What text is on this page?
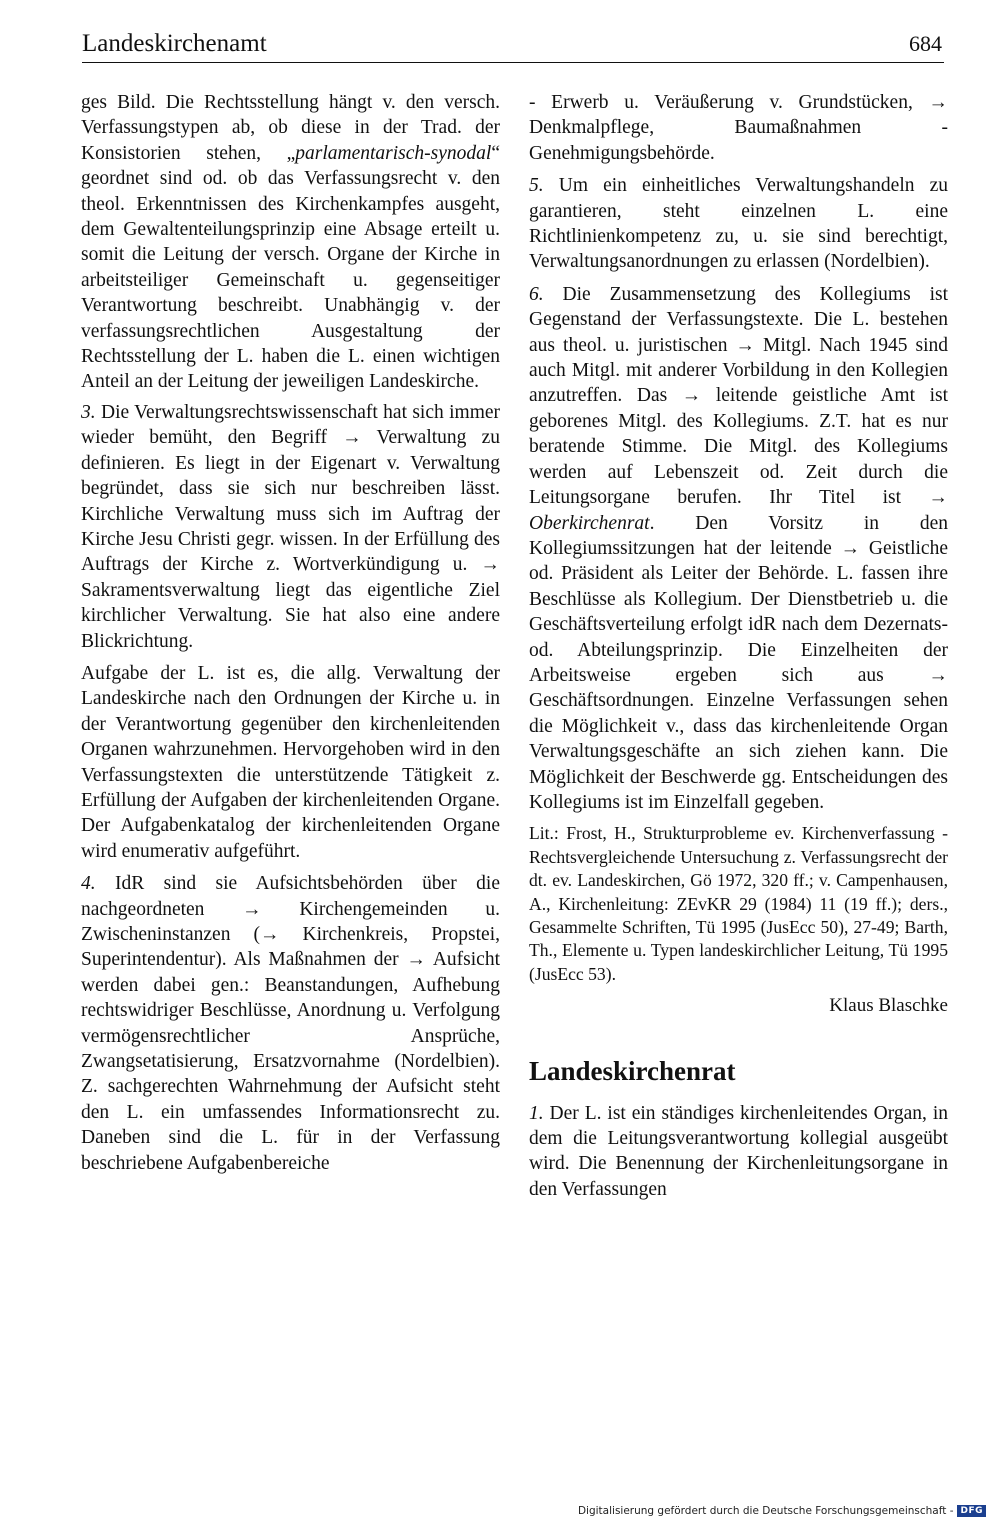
Landeskirchenamt	684

ges Bild. Die Rechtsstellung hängt v. den versch. Verfassungstypen ab, ob diese in der Trad. der Konsistorien stehen, „parlamentarisch-synodal“ geordnet sind od. ob das Verfassungsrecht v. den theol. Erkenntnissen des Kirchenkampfes ausgeht, dem Gewaltenteilungsprinzip eine Absage erteilt u. somit die Leitung der versch. Organe der Kirche in arbeitsteiliger Gemeinschaft u. gegenseitiger Verantwortung beschreibt. Unabhängig v. der verfassungsrechtlichen Ausgestaltung der Rechtsstellung der L. haben die L. einen wichtigen Anteil an der Leitung der jeweiligen Landeskirche.

3. Die Verwaltungsrechtswissenschaft hat sich immer wieder bemüht, den Begriff → Verwaltung zu definieren. Es liegt in der Eigenart v. Verwaltung begründet, dass sie sich nur beschreiben lässt. Kirchliche Verwaltung muss sich im Auftrag der Kirche Jesu Christi gegr. wissen. In der Erfüllung des Auftrags der Kirche z. Wortverkündigung u. → Sakramentsverwaltung liegt das eigentliche Ziel kirchlicher Verwaltung. Sie hat also eine andere Blickrichtung.

Aufgabe der L. ist es, die allg. Verwaltung der Landeskirche nach den Ordnungen der Kirche u. in der Verantwortung gegenüber den kirchenleitenden Organen wahrzunehmen. Hervorgehoben wird in den Verfassungstexten die unterstützende Tätigkeit z. Erfüllung der Aufgaben der kirchenleitenden Organe. Der Aufgabenkatalog der kirchenleitenden Organe wird enumerativ aufgeführt.

4. IdR sind sie Aufsichtsbehörden über die nachgeordneten → Kirchengemeinden u. Zwischeninstanzen (→ Kirchenkreis, Propstei, Superintendentur). Als Maßnahmen der → Aufsicht werden dabei gen.: Beanstandungen, Aufhebung rechtswidriger Beschlüsse, Anordnung u. Verfolgung vermögensrechtlicher Ansprüche, Zwangsetatisierung, Ersatzvornahme (Nordelbien). Z. sachgerechten Wahrnehmung der Aufsicht steht den L. ein umfassendes Informationsrecht zu. Daneben sind die L. für in der Verfassung beschriebene Aufgabenbereiche

- Erwerb u. Veräußerung v. Grundstücken, → Denkmalpflege, Baumaßnahmen - Genehmigungsbehörde.

5. Um ein einheitliches Verwaltungshandeln zu garantieren, steht einzelnen L. eine Richtlinienkompetenz zu, u. sie sind berechtigt, Verwaltungsanordnungen zu erlassen (Nordelbien).

6. Die Zusammensetzung des Kollegiums ist Gegenstand der Verfassungstexte. Die L. bestehen aus theol. u. juristischen → Mitgl. Nach 1945 sind auch Mitgl. mit anderer Vorbildung in den Kollegien anzutreffen. Das → leitende geistliche Amt ist geborenes Mitgl. des Kollegiums. Z.T. hat es nur beratende Stimme. Die Mitgl. des Kollegiums werden auf Lebenszeit od. Zeit durch die Leitungsorgane berufen. Ihr Titel ist → Oberkirchenrat. Den Vorsitz in den Kollegiumssitzungen hat der leitende → Geistliche od. Präsident als Leiter der Behörde. L. fassen ihre Beschlüsse als Kollegium. Der Dienstbetrieb u. die Geschäftsverteilung erfolgt idR nach dem Dezernats- od. Abteilungsprinzip. Die Einzelheiten der Arbeitsweise ergeben sich aus → Geschäftsordnungen. Einzelne Verfassungen sehen die Möglichkeit v., dass das kirchenleitende Organ Verwaltungsgeschäfte an sich ziehen kann. Die Möglichkeit der Beschwerde gg. Entscheidungen des Kollegiums ist im Einzelfall gegeben.

Lit.: Frost, H., Strukturprobleme ev. Kirchenverfassung - Rechtsvergleichende Untersuchung z. Verfassungsrecht der dt. ev. Landeskirchen, Gö 1972, 320 ff.; v. Campenhausen, A., Kirchenleitung: ZEvKR 29 (1984) 11 (19 ff.); ders., Gesammelte Schriften, Tü 1995 (JusEcc 50), 27-49; Barth, Th., Elemente u. Typen landeskirchlicher Leitung, Tü 1995 (JusEcc 53).

Klaus Blaschke

Landeskirchenrat

1. Der L. ist ein ständiges kirchenleitendes Organ, in dem die Leitungsverantwortung kollegial ausgeübt wird. Die Benennung der Kirchenleitungsorgane in den Verfassungen

Digitalisierung gefördert durch die Deutsche Forschungsgemeinschaft - DFG
